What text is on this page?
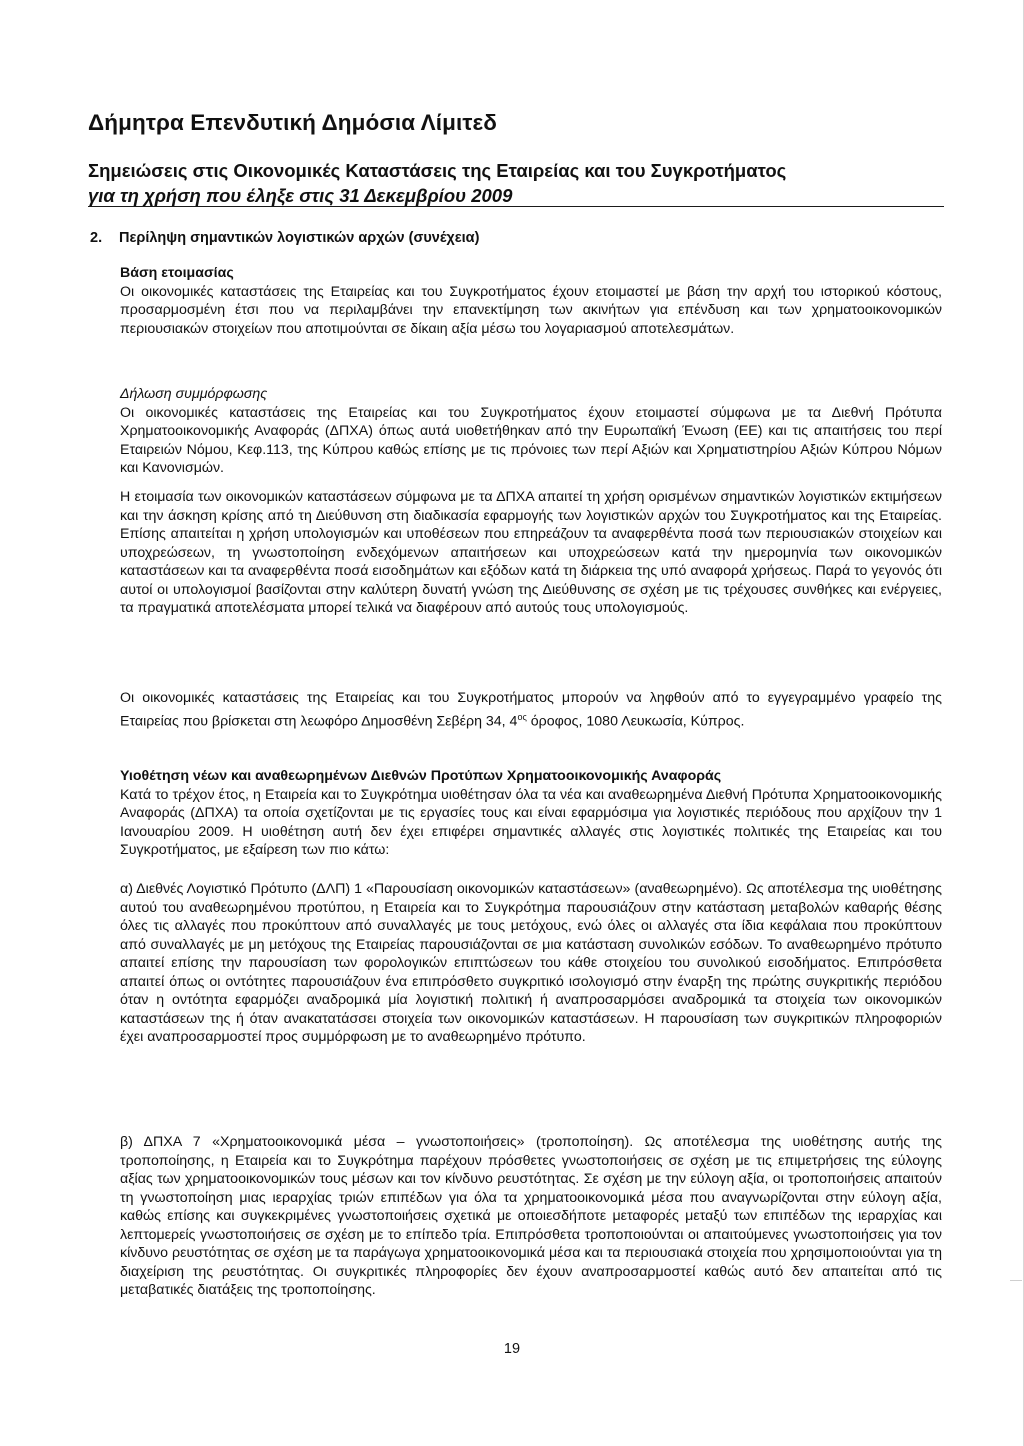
Δήμητρα Επενδυτική Δημόσια Λίμιτεδ
Σημειώσεις στις Οικονομικές Καταστάσεις της Εταιρείας και του Συγκροτήματος
για τη χρήση που έληξε στις 31 Δεκεμβρίου 2009
2. Περίληψη σημαντικών λογιστικών αρχών (συνέχεια)
Βάση ετοιμασίας

Οι οικονομικές καταστάσεις της Εταιρείας και του Συγκροτήματος έχουν ετοιμαστεί με βάση την αρχή του ιστορικού κόστους, προσαρμοσμένη έτσι που να περιλαμβάνει την επανεκτίμηση των ακινήτων για επένδυση και των χρηματοοικονομικών περιουσιακών στοιχείων που αποτιμούνται σε δίκαιη αξία μέσω του λογαριασμού αποτελεσμάτων.

Δήλωση συμμόρφωσης

Οι οικονομικές καταστάσεις της Εταιρείας και του Συγκροτήματος έχουν ετοιμαστεί σύμφωνα με τα Διεθνή Πρότυπα Χρηματοοικονομικής Αναφοράς (ΔΠΧΑ) όπως αυτά υιοθετήθηκαν από την Ευρωπαϊκή Ένωση (ΕΕ) και τις απαιτήσεις του περί Εταιρειών Νόμου, Κεφ.113, της Κύπρου καθώς επίσης με τις πρόνοιες των περί Αξιών και Χρηματιστηρίου Αξιών Κύπρου Νόμων και Κανονισμών.

Η ετοιμασία των οικονομικών καταστάσεων σύμφωνα με τα ΔΠΧΑ απαιτεί τη χρήση ορισμένων σημαντικών λογιστικών εκτιμήσεων και την άσκηση κρίσης από τη Διεύθυνση στη διαδικασία εφαρμογής των λογιστικών αρχών του Συγκροτήματος και της Εταιρείας. Επίσης απαιτείται η χρήση υπολογισμών και υποθέσεων που επηρεάζουν τα αναφερθέντα ποσά των περιουσιακών στοιχείων και υποχρεώσεων, τη γνωστοποίηση ενδεχόμενων απαιτήσεων και υποχρεώσεων κατά την ημερομηνία των οικονομικών καταστάσεων και τα αναφερθέντα ποσά εισοδημάτων και εξόδων κατά τη διάρκεια της υπό αναφορά χρήσεως. Παρά το γεγονός ότι αυτοί οι υπολογισμοί βασίζονται στην καλύτερη δυνατή γνώση της Διεύθυνσης σε σχέση με τις τρέχουσες συνθήκες και ενέργειες, τα πραγματικά αποτελέσματα μπορεί τελικά να διαφέρουν από αυτούς τους υπολογισμούς.

Οι οικονομικές καταστάσεις της Εταιρείας και του Συγκροτήματος μπορούν να ληφθούν από το εγγεγραμμένο γραφείο της Εταιρείας που βρίσκεται στη λεωφόρο Δημοσθένη Σεβέρη 34, $4^{o\varsigma}$ όροφος, 1080 Λευκωσία, Κύπρος.

Υιοθέτηση νέων και αναθεωρημένων Διεθνών Προτύπων Χρηματοοικονομικής Αναφοράς

Κατά το τρέχον έτος, η Εταιρεία και το Συγκρότημα υιοθέτησαν όλα τα νέα και αναθεωρημένα Διεθνή Πρότυπα Χρηματοοικονομικής Αναφοράς (ΔΠΧΑ) τα οποία σχετίζονται με τις εργασίες τους και είναι εφαρμόσιμα για λογιστικές περιόδους που αρχίζουν την 1 Ιανουαρίου 2009. Η υιοθέτηση αυτή δεν έχει επιφέρει σημαντικές αλλαγές στις λογιστικές πολιτικές της Εταιρείας και του Συγκροτήματος, με εξαίρεση των πιο κάτω:

α) Διεθνές Λογιστικό Πρότυπο (ΔΛΠ) 1 «Παρουσίαση οικονομικών καταστάσεων» (αναθεωρημένο). Ως αποτέλεσμα της υιοθέτησης αυτού του αναθεωρημένου προτύπου, η Εταιρεία και το Συγκρότημα παρουσιάζουν στην κατάσταση μεταβολών καθαρής θέσης όλες τις αλλαγές που προκύπτουν από συναλλαγές με τους μετόχους, ενώ όλες οι αλλαγές στα ίδια κεφάλαια που προκύπτουν από συναλλαγές με μη μετόχους της Εταιρείας παρουσιάζονται σε μια κατάσταση συνολικών εσόδων. Το αναθεωρημένο πρότυπο απαιτεί επίσης την παρουσίαση των φορολογικών επιπτώσεων του κάθε στοιχείου του συνολικού εισοδήματος. Επιπρόσθετα απαιτεί όπως οι οντότητες παρουσιάζουν ένα επιπρόσθετο συγκριτικό ισολογισμό στην έναρξη της πρώτης συγκριτικής περιόδου όταν η οντότητα εφαρμόζει αναδρομικά μία λογιστική πολιτική ή αναπροσαρμόσει αναδρομικά τα στοιχεία των οικονομικών καταστάσεων της ή όταν ανακατατάσσει στοιχεία των οικονομικών καταστάσεων. Η παρουσίαση των συγκριτικών πληροφοριών έχει αναπροσαρμοστεί προς συμμόρφωση με το αναθεωρημένο πρότυπο.

β) ΔΠΧΑ 7 «Χρηματοοικονομικά μέσα – γνωστοποιήσεις» (τροποποίηση). Ως αποτέλεσμα της υιοθέτησης αυτής της τροποποίησης, η Εταιρεία και το Συγκρότημα παρέχουν πρόσθετες γνωστοποιήσεις σε σχέση με τις επιμετρήσεις της εύλογης αξίας των χρηματοοικονομικών τους μέσων και τον κίνδυνο ρευστότητας. Σε σχέση με την εύλογη αξία, οι τροποποιήσεις απαιτούν τη γνωστοποίηση μιας ιεραρχίας τριών επιπέδων για όλα τα χρηματοοικονομικά μέσα που αναγνωρίζονται στην εύλογη αξία, καθώς επίσης και συγκεκριμένες γνωστοποιήσεις σχετικά με οποιεσδήποτε μεταφορές μεταξύ των επιπέδων της ιεραρχίας και λεπτομερείς γνωστοποιήσεις σε σχέση με το επίπεδο τρία. Επιπρόσθετα τροποποιούνται οι απαιτούμενες γνωστοποιήσεις για τον κίνδυνο ρευστότητας σε σχέση με τα παράγωγα χρηματοοικονομικά μέσα και τα περιουσιακά στοιχεία που χρησιμοποιούνται για τη διαχείριση της ρευστότητας. Οι συγκριτικές πληροφορίες δεν έχουν αναπροσαρμοστεί καθώς αυτό δεν απαιτείται από τις μεταβατικές διατάξεις της τροποποίησης.

19
